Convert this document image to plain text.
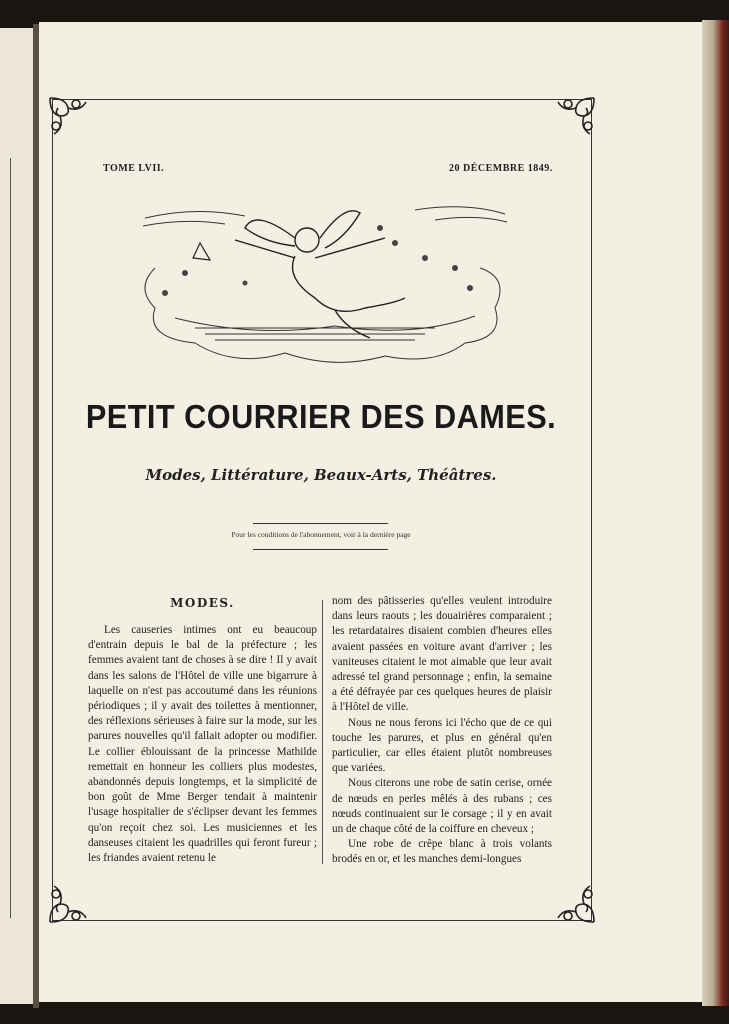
TOME LVII.	20 DÉCEMBRE 1849.
PETIT COURRIER DES DAMES.
Modes, Littérature, Beaux-Arts, Théâtres.
Pour les conditions de l'abonnement, voir à la dernière page
MODES.

Les causeries intimes ont eu beaucoup d'entrain depuis le bal de la préfecture ; les femmes avaient tant de choses à se dire ! Il y avait dans les salons de l'Hôtel de ville une bigarrure à laquelle on n'est pas accoutumé dans les réunions périodiques ; il y avait des toilettes à mentionner, des réflexions sérieuses à faire sur la mode, sur les parures nouvelles qu'il fallait adopter ou modifier. Le collier éblouissant de la princesse Mathilde remettait en honneur les colliers plus modestes, abandonnés depuis longtemps, et la simplicité de bon goût de Mme Berger tendait à maintenir l'usage hospitalier de s'éclipser devant les femmes qu'on reçoit chez soi. Les musiciennes et les danseuses citaient les quadrilles qui feront fureur ; les friandes avaient retenu le

nom des pâtisseries qu'elles veulent introduire dans leurs raouts ; les douairières comparaient ; les retardataires disaient combien d'heures elles avaient passées en voiture avant d'arriver ; les vaniteuses citaient le mot aimable que leur avait adressé tel grand personnage ; enfin, la semaine a été défrayée par ces quelques heures de plaisir à l'Hôtel de ville.

Nous ne nous ferons ici l'écho que de ce qui touche les parures, et plus en général qu'en particulier, car elles étaient plutôt nombreuses que variées.

Nous citerons une robe de satin cerise, ornée de nœuds en perles mêlés à des rubans ; ces nœuds continuaient sur le corsage ; il y en avait un de chaque côté de la coiffure en cheveux ;

Une robe de crêpe blanc à trois volants brodés en or, et les manches demi-longues
